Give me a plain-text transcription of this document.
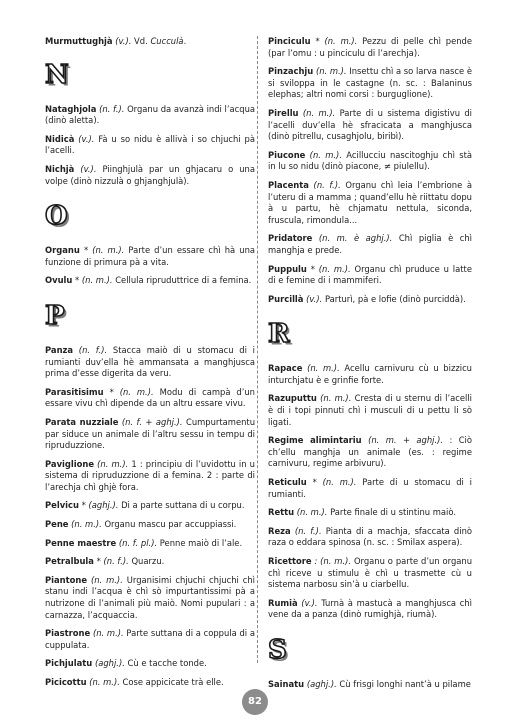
Murmuttughjà (v.). Vd. Cucculà.

N

Nataghjola (n. f.). Organu da avanzà indi l’acqua (dinò aletta).

Nidicà (v.). Fà u so nidu è allivà i so chjuchi pà l’acelli.

Nichjà (v.). Piinghjulà par un ghjacaru o una volpe (dinò nizzulà o ghjanghjulà).

O

Organu * (n. m.). Parte d’un essare chì hà una funzione di primura pà a vita.

Ovulu * (n. m.). Cellula ripruduttrice di a femina.

P

Panza (n. f.). Stacca maiò di u stomacu di i rumianti duv’ella hè ammansata a manghjusca prima d’esse digerita da veru.

Parasitisimu * (n. m.). Modu di campà d’un essare vivu chì dipende da un altru essare vivu.

Parata nuzziale (n. f. + aghj.). Cumpurtamentu par siduce un animale di l’altru sessu in tempu di ripruduzzione.

Paviglione (n. m.). 1 : principiu di l’uvidottu in u sistema di ripruduzzione di a femina. 2 : parte di l’arechja chì ghjè fora.

Pelvicu * (aghj.). Di a parte suttana di u corpu.

Pene (n. m.). Organu mascu par accuppiassi.

Penne maestre (n. f. pl.). Penne maiò di l’ale.

Petralbula * (n. f.). Quarzu.

Piantone (n. m.). Urganisimi chjuchi chjuchi chì stanu indi l’acqua è chì sò impurtantissimi pà a nutrizone di l’animali più maiò. Nomi pupulari : a carnazza, l’acquaccia.

Piastrone (n. m.). Parte suttana di a coppula di a cuppulata.

Pichjulatu (aghj.). Cù e tacche tonde.

Picicottu (n. m.). Cose appicicate trà elle.

Pinciculu * (n. m.). Pezzu di pelle chì pende (par l’omu : u pinciculu di l’arechja).

Pinzachju (n. m.). Insettu chì a so larva nasce è si sviloppa in le castagne (n. sc. : Balaninus elephas; altri nomi corsi : burguglione).

Pirellu (n. m.). Parte di u sistema digistivu di l’acelli duv’ella hè sfracicata a manghjusca (dinò pitrellu, cusaghjolu, biribì).

Piucone (n. m.). Acillucciu nascitoghju chì stà in lu so nidu (dinò piacone, ≠ piulellu).

Placenta (n. f.). Organu chì leia l’embrione à l’uteru di a mamma ; quand’ellu hè riittatu dopu à u partu, hè chjamatu nettula, siconda, fruscula, rimondula...

Pridatore (n. m. è aghj.). Chì piglia è chì manghja e prede.

Puppulu * (n. m.). Organu chì pruduce u latte di e femine di i mammiferi.

Purcillà (v.). Parturì, pà e lofie (dinò purciddà).

R

Rapace (n. m.). Acellu carnivuru cù u bizzicu inturchjatu è e grinfie forte.

Razuputtu (n. m.). Cresta di u sternu di l’acelli è di i topi pinnuti chì i musculi di u pettu li sò ligati.

Regime alimintariu (n. m. + aghj.). : Ciò ch’ellu manghja un animale (es. : regime carnivuru, regime arbivuru).

Reticulu * (n. m.). Parte di u stomacu di i rumianti.

Rettu (n. m.). Parte finale di u stintinu maiò.

Reza (n. f.). Pianta di a machja, sfaccata dinò raza o eddara spinosa (n. sc. : Smilax aspera).

Ricettore : (n. m.). Organu o parte d’un organu chì riceve u stimulu è chì u trasmette cù u sistema narbosu sin’à u ciarbellu.

Rumià (v.). Turnà à mastucà a manghjusca chì vene da a panza (dinò rumighjà, riumà).

S

Sainatu (aghj.). Cù frisgi longhi nant’à u pilame

82
